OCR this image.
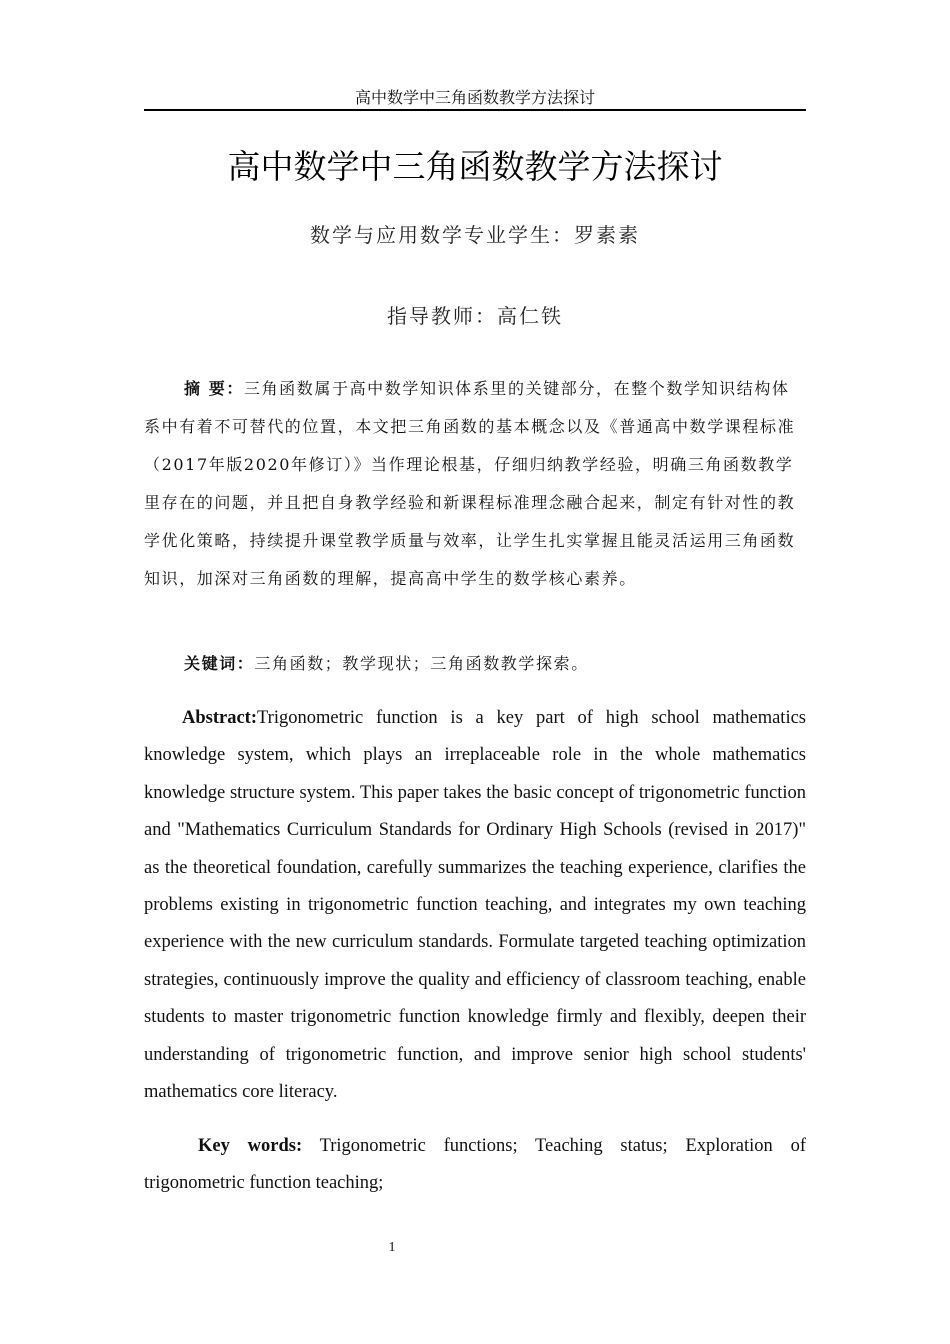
高中数学中三角函数教学方法探讨
高中数学中三角函数教学方法探讨
数学与应用数学专业学生：罗素素
指导教师：高仁铁

摘 要：三角函数属于高中数学知识体系里的关键部分，在整个数学知识结构体系中有着不可替代的位置，本文把三角函数的基本概念以及《普通高中数学课程标准（2017年版2020年修订）》当作理论根基，仔细归纳教学经验，明确三角函数教学里存在的问题，并且把自身教学经验和新课程标准理念融合起来，制定有针对性的教学优化策略，持续提升课堂教学质量与效率，让学生扎实掌握且能灵活运用三角函数知识，加深对三角函数的理解，提高高中学生的数学核心素养。

关键词：三角函数；教学现状；三角函数教学探索。

Abstract:Trigonometric function is a key part of high school mathematics knowledge system, which plays an irreplaceable role in the whole mathematics knowledge structure system. This paper takes the basic concept of trigonometric function and "Mathematics Curriculum Standards for Ordinary High Schools (revised in 2017)" as the theoretical foundation, carefully summarizes the teaching experience, clarifies the problems existing in trigonometric function teaching, and integrates my own teaching experience with the new curriculum standards. Formulate targeted teaching optimization strategies, continuously improve the quality and efficiency of classroom teaching, enable students to master trigonometric function knowledge firmly and flexibly, deepen their understanding of trigonometric function, and improve senior high school students' mathematics core literacy.

Key words: Trigonometric functions; Teaching status; Exploration of trigonometric function teaching;

1
